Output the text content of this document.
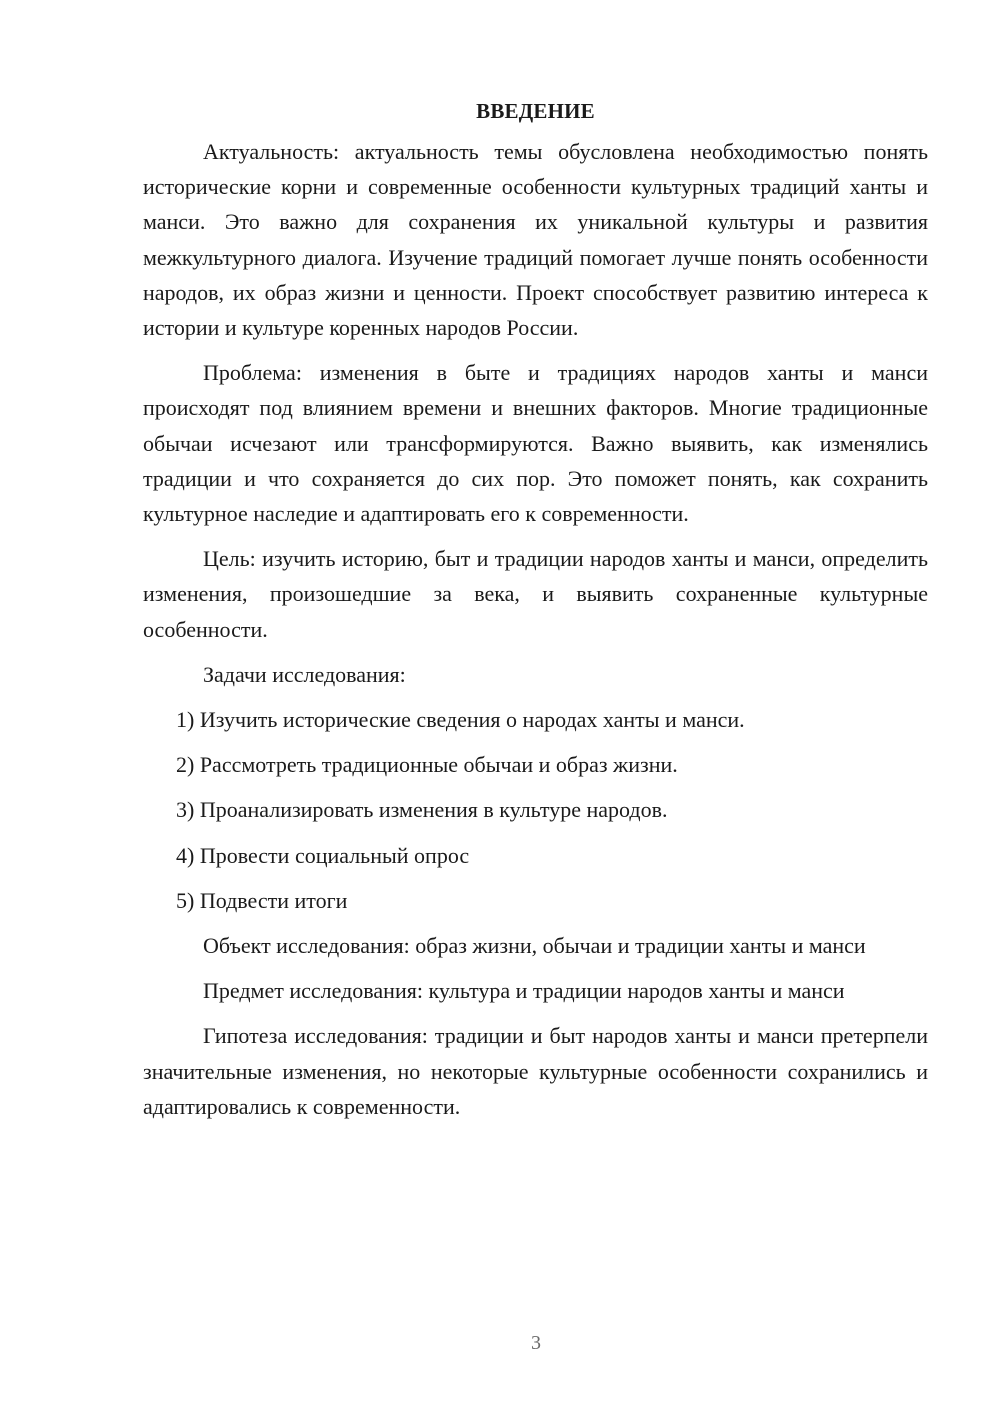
ВВЕДЕНИЕ

Актуальность: актуальность темы обусловлена необходимостью понять исторические корни и современные особенности культурных традиций ханты и манси. Это важно для сохранения их уникальной культуры и развития межкультурного диалога. Изучение традиций помогает лучше понять особенности народов, их образ жизни и ценности. Проект способствует развитию интереса к истории и культуре коренных народов России.

Проблема: изменения в быте и традициях народов ханты и манси происходят под влиянием времени и внешних факторов. Многие традиционные обычаи исчезают или трансформируются. Важно выявить, как изменялись традиции и что сохраняется до сих пор. Это поможет понять, как сохранить культурное наследие и адаптировать его к современности.

Цель: изучить историю, быт и традиции народов ханты и манси, определить изменения, произошедшие за века, и выявить сохраненные культурные особенности.

Задачи исследования:

1) Изучить исторические сведения о народах ханты и манси.
2) Рассмотреть традиционные обычаи и образ жизни.
3) Проанализировать изменения в культуре народов.
4) Провести социальный опрос
5) Подвести итоги

Объект исследования: образ жизни, обычаи и традиции ханты и манси

Предмет исследования: культура и традиции народов ханты и манси

Гипотеза исследования: традиции и быт народов ханты и манси претерпели значительные изменения, но некоторые культурные особенности сохранились и адаптировались к современности.

3
